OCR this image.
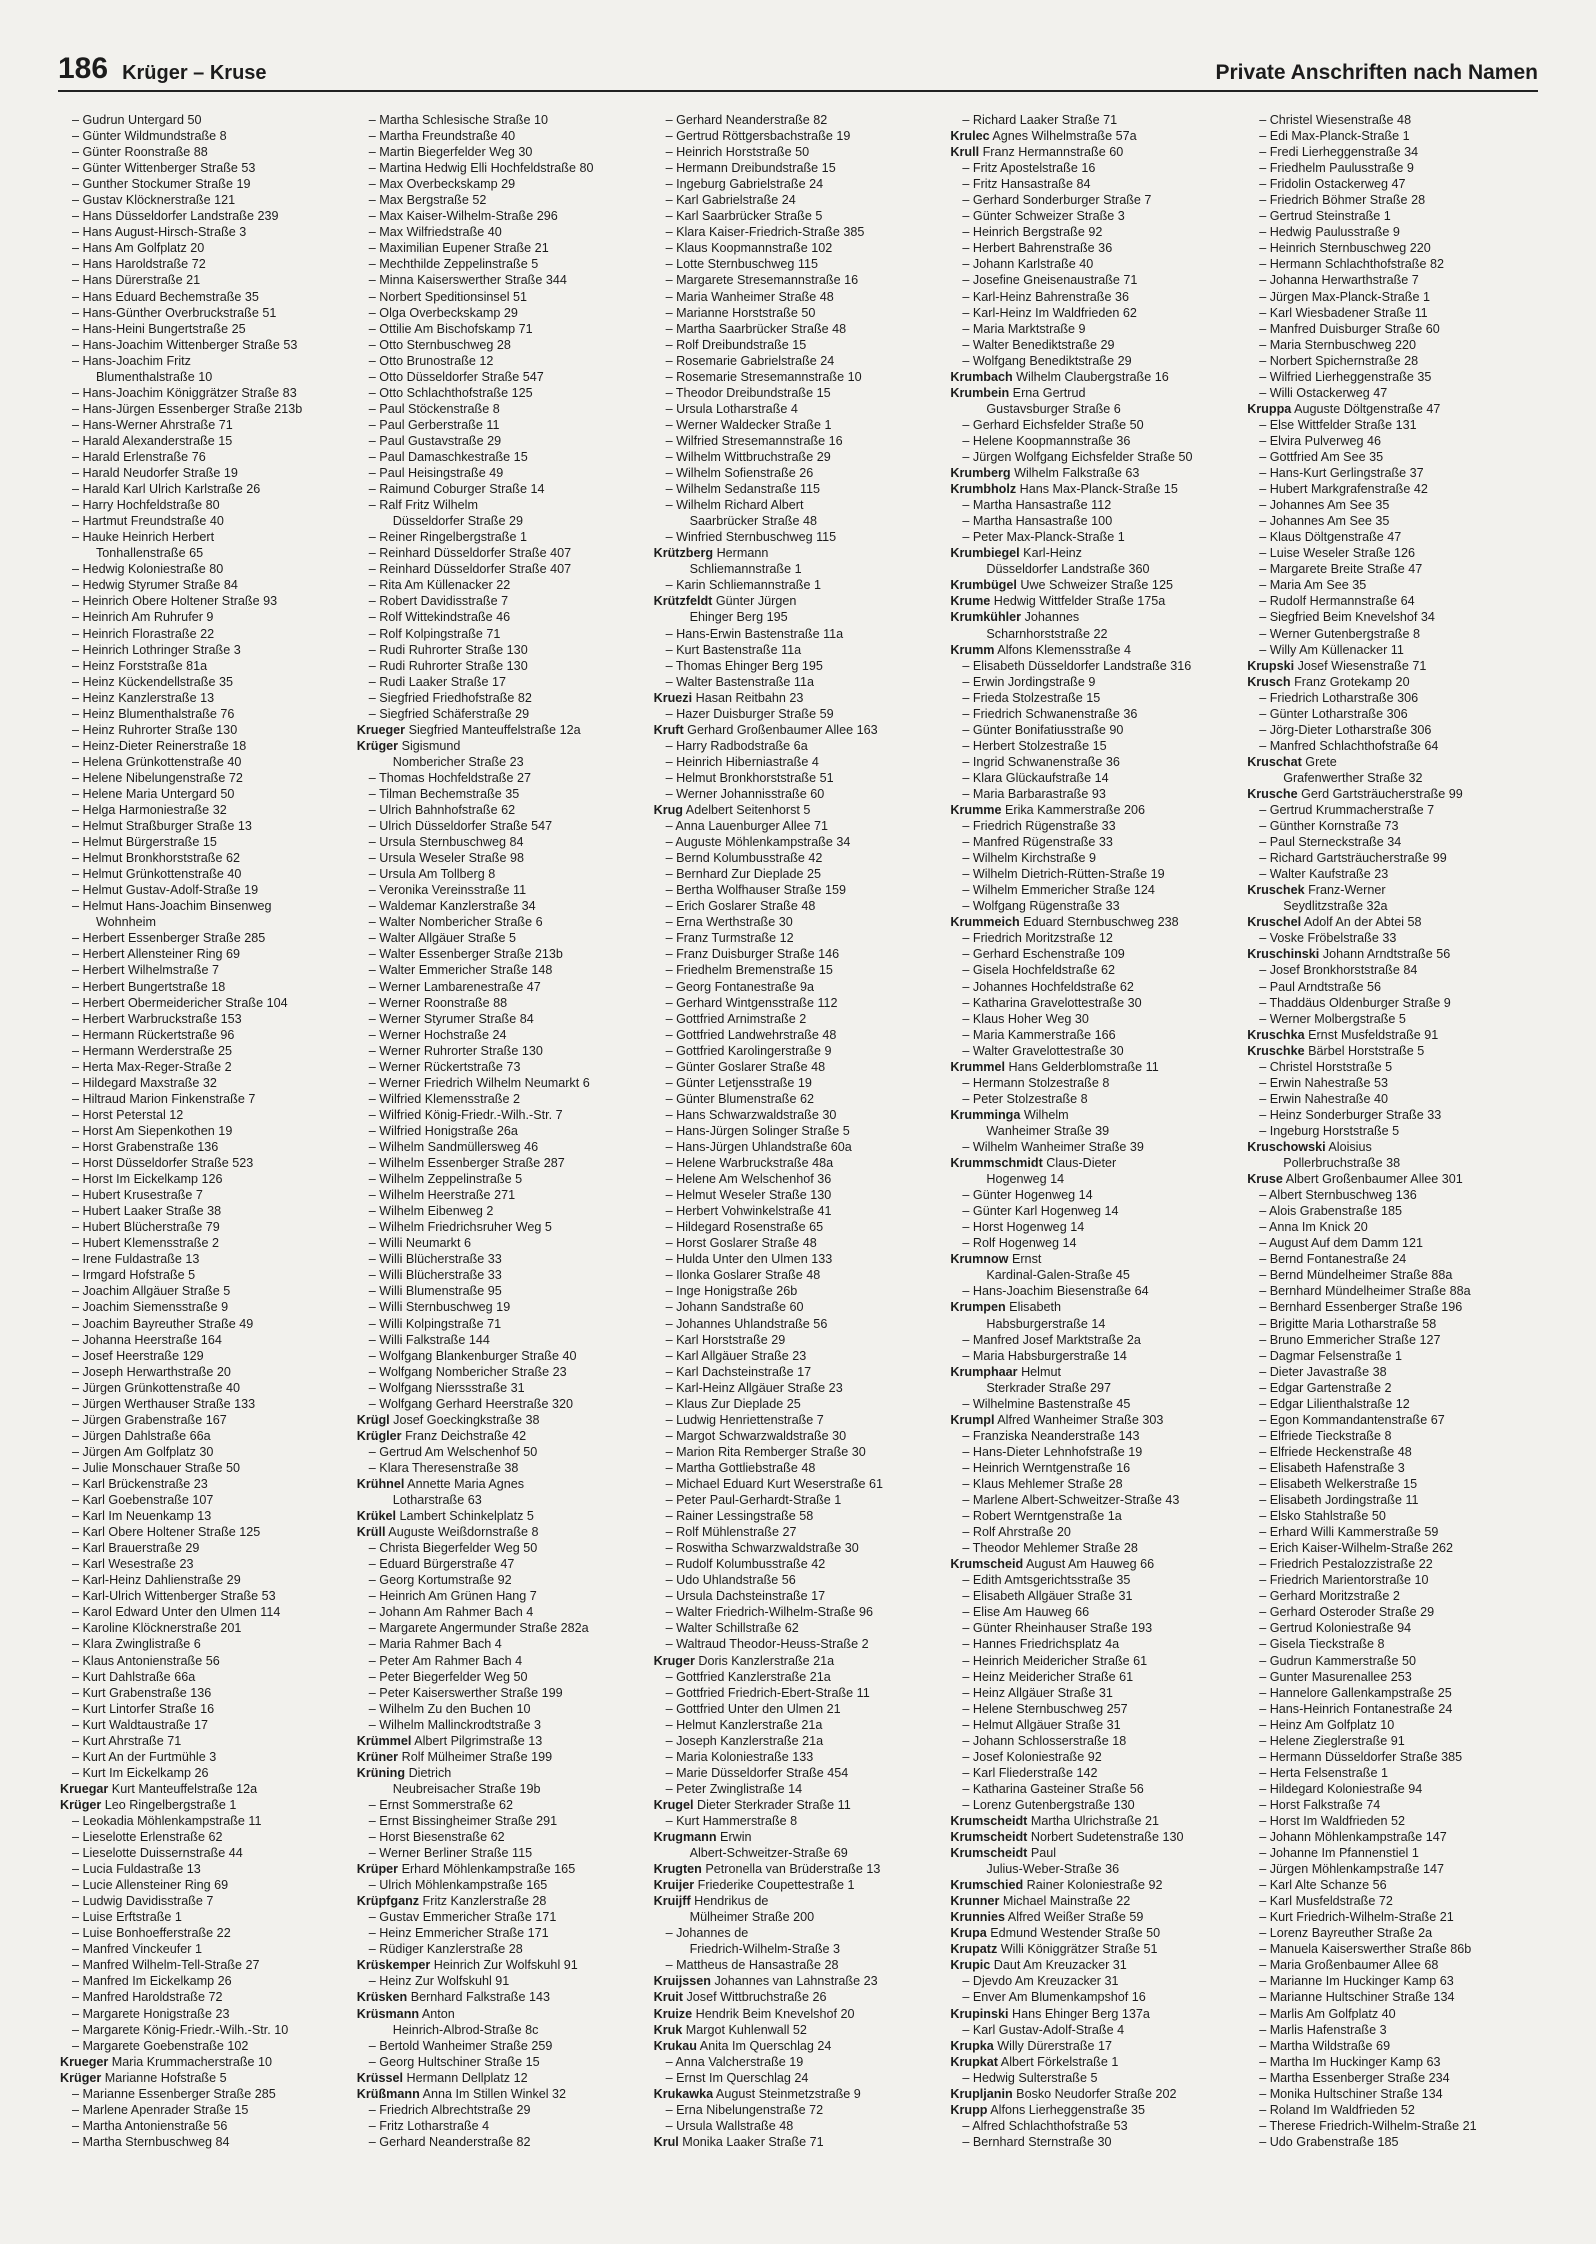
186 Krüger – Kruse	Private Anschriften nach Namen
– Gudrun Untergard 50
– Günter Wildmundstraße 8
– Günter Roonstraße 88
– Günter Wittenberger Straße 53
– Gunther Stockumer Straße 19
– Gustav Klöcknerstraße 121
– Hans Düsseldorfer Landstraße 239
– Hans August-Hirsch-Straße 3
– Hans Am Golfplatz 20
– Hans Haroldstraße 72
– Hans Dürerstraße 21
– Hans Eduard Bechemstraße 35
– Hans-Günther Overbruckstraße 51
– Hans-Heini Bungertstraße 25
– Hans-Joachim Wittenberger Straße 53
– Hans-Joachim Fritz
Blumenthalstraße 10
– Hans-Joachim Königgrätzer Straße 83
– Hans-Jürgen Essenberger Straße 213b
– Hans-Werner Ahrstraße 71
– Harald Alexanderstraße 15
– Harald Erlenstraße 76
– Harald Neudorfer Straße 19
– Harald Karl Ulrich Karlstraße 26
– Harry Hochfeldstraße 80
– Hartmut Freundstraße 40
– Hauke Heinrich Herbert
Tonhallenstraße 65
– Hedwig Koloniestraße 80
– Hedwig Styrumer Straße 84
– Heinrich Obere Holtener Straße 93
– Heinrich Am Ruhrufer 9
– Heinrich Florastraße 22
– Heinrich Lothringer Straße 3
– Heinz Forststraße 81a
– Heinz Kückendellstraße 35
– Heinz Kanzlerstraße 13
– Heinz Blumenthalstraße 76
– Heinz Ruhrorter Straße 130
– Heinz-Dieter Reinerstraße 18
– Helena Grünkottenstraße 40
– Helene Nibelungenstraße 72
– Helene Maria Untergard 50
– Helga Harmoniestraße 32
– Helmut Straßburger Straße 13
– Helmut Bürgerstraße 15
– Helmut Bronkhorststraße 62
– Helmut Grünkottenstraße 40
– Helmut Gustav-Adolf-Straße 19
– Helmut Hans-Joachim Binsenweg
Wohnheim
– Herbert Essenberger Straße 285
– Herbert Allensteiner Ring 69
– Herbert Wilhelmstraße 7
– Herbert Bungertstraße 18
– Herbert Obermeidericher Straße 104
– Herbert Warbruckstraße 153
– Hermann Rückertstraße 96
– Hermann Werderstraße 25
– Herta Max-Reger-Straße 2
– Hildegard Maxstraße 32
– Hiltraud Marion Finkenstraße 7
– Horst Peterstal 12
– Horst Am Siepenkothen 19
– Horst Grabenstraße 136
– Horst Düsseldorfer Straße 523
– Horst Im Eickelkamp 126
– Hubert Krusestraße 7
– Hubert Laaker Straße 38
– Hubert Blücherstraße 79
– Hubert Klemensstraße 2
– Irene Fuldastraße 13
– Irmgard Hofstraße 5
– Joachim Allgäuer Straße 5
– Joachim Siemensstraße 9
– Joachim Bayreuther Straße 49
– Johanna Heerstraße 164
– Josef Heerstraße 129
– Joseph Herwarthstraße 20
– Jürgen Grünkottenstraße 40
– Jürgen Werthauser Straße 133
– Jürgen Grabenstraße 167
– Jürgen Dahlstraße 66a
– Jürgen Am Golfplatz 30
– Julie Monschauer Straße 50
– Karl Brückenstraße 23
– Karl Goebenstraße 107
– Karl Im Neuenkamp 13
– Karl Obere Holtener Straße 125
– Karl Brauerstraße 29
– Karl Wesestraße 23
– Karl-Heinz Dahlienstraße 29
– Karl-Ulrich Wittenberger Straße 53
– Karol Edward Unter den Ulmen 114
– Karoline Klöcknerstraße 201
– Klara Zwinglistraße 6
– Klaus Antonienstraße 56
– Kurt Dahlstraße 66a
– Kurt Grabenstraße 136
– Kurt Lintorfer Straße 16
– Kurt Waldtaustraße 17
– Kurt Ahrstraße 71
– Kurt An der Furtmühle 3
– Kurt Im Eickelkamp 26
Kruegar Kurt Manteuffelstraße 12a
Krüger Leo Ringelbergstraße 1
– Leokadia Möhlenkampstraße 11
– Lieselotte Erlenstraße 62
– Lieselotte Duissernstraße 44
– Lucia Fuldastraße 13
– Lucie Allensteiner Ring 69
– Ludwig Davidisstraße 7
– Luise Erftstraße 1
– Luise Bonhoefferstraße 22
– Manfred Vinckeufer 1
– Manfred Wilhelm-Tell-Straße 27
– Manfred Im Eickelkamp 26
– Manfred Haroldstraße 72
– Margarete Honigstraße 23
– Margarete König-Friedr.-Wilh.-Str. 10
– Margarete Goebenstraße 102
Krueger Maria Krummacherstraße 10
Krüger Marianne Hofstraße 5
– Marianne Essenberger Straße 285
– Marlene Apenrader Straße 15
– Martha Antonienstraße 56
– Martha Sternbuschweg 84
– Martha Schlesische Straße 10
– Martha Freundstraße 40
– Martin Biegerfelder Weg 30
– Martina Hedwig Elli Hochfeldstraße 80
– Max Overbeckskamp 29
– Max Bergstraße 52
– Max Kaiser-Wilhelm-Straße 296
– Max Wilfriedstraße 40
– Maximilian Eupener Straße 21
– Mechthilde Zeppelinstraße 5
– Minna Kaiserswerther Straße 344
– Norbert Speditionsinsel 51
– Olga Overbeckskamp 29
– Ottilie Am Bischofskamp 71
– Otto Sternbuschweg 28
– Otto Brunostraße 12
– Otto Düsseldorfer Straße 547
– Otto Schlachthofstraße 125
– Paul Stöckenstraße 8
– Paul Gerberstraße 11
– Paul Gustavstraße 29
– Paul Damaschkestraße 15
– Paul Heisingstraße 49
– Raimund Coburger Straße 14
– Ralf Fritz Wilhelm
Düsseldorfer Straße 29
– Reiner Ringelbergstraße 1
– Reinhard Düsseldorfer Straße 407
– Reinhard Düsseldorfer Straße 407
– Rita Am Küllenacker 22
– Robert Davidisstraße 7
– Rolf Wittekindstraße 46
– Rolf Kolpingstraße 71
– Rudi Ruhrorter Straße 130
– Rudi Ruhrorter Straße 130
– Rudi Laaker Straße 17
– Siegfried Friedhofstraße 82
– Siegfried Schäferstraße 29
Krueger Siegfried Manteuffelstraße 12a
Krüger Sigismund
Nombericher Straße 23
– Thomas Hochfeldstraße 27
– Tilman Bechemstraße 35
– Ulrich Bahnhofstraße 62
– Ulrich Düsseldorfer Straße 547
– Ursula Sternbuschweg 84
– Ursula Weseler Straße 98
– Ursula Am Tollberg 8
– Veronika Vereinsstraße 11
– Waldemar Kanzlerstraße 34
– Walter Nombericher Straße 6
– Walter Allgäuer Straße 5
– Walter Essenberger Straße 213b
– Walter Emmericher Straße 148
– Werner Lambarenestraße 47
– Werner Roonstraße 88
– Werner Styrumer Straße 84
– Werner Hochstraße 24
– Werner Ruhrorter Straße 130
– Werner Rückertstraße 73
– Werner Friedrich Wilhelm Neumarkt 6
– Wilfried Klemensstraße 2
– Wilfried König-Friedr.-Wilh.-Str. 7
– Wilfried Honigstraße 26a
– Wilhelm Sandmüllersweg 46
– Wilhelm Essenberger Straße 287
– Wilhelm Zeppelinstraße 5
– Wilhelm Heerstraße 271
– Wilhelm Eibenweg 2
– Wilhelm Friedrichsruher Weg 5
– Willi Neumarkt 6
– Willi Blücherstraße 33
– Willi Blücherstraße 33
– Willi Blumenstraße 95
– Willi Sternbuschweg 19
– Willi Kolpingstraße 71
– Willi Falkstraße 144
– Wolfgang Blankenburger Straße 40
– Wolfgang Nombericher Straße 23
– Wolfgang Nierssstraße 31
– Wolfgang Gerhard Heerstraße 320
Krügl Josef Goeckingkstraße 38
Krügler Franz Deichstraße 42
– Gertrud Am Welschenhof 50
– Klara Theresenstraße 38
Krühnel Annette Maria Agnes
Lotharstraße 63
Krükel Lambert Schinkelplatz 5
Krüll Auguste Weißdornstraße 8
– Christa Biegerfelder Weg 50
– Eduard Bürgerstraße 47
– Georg Kortumstraße 92
– Heinrich Am Grünen Hang 7
– Johann Am Rahmer Bach 4
– Margarete Angermunder Straße 282a
– Maria Rahmer Bach 4
– Peter Am Rahmer Bach 4
– Peter Biegerfelder Weg 50
– Peter Kaiserswerther Straße 199
– Wilhelm Zu den Buchen 10
– Wilhelm Mallinckrodtstraße 3
Krümmel Albert Pilgrimstraße 13
Krüner Rolf Mülheimer Straße 199
Krüning Dietrich
Neubreisacher Straße 19b
– Ernst Sommerstraße 62
– Ernst Bissingheimer Straße 291
– Horst Biesenstraße 62
– Werner Berliner Straße 115
Krüper Erhard Möhlenkampstraße 165
– Ulrich Möhlenkampstraße 165
Krüpfganz Fritz Kanzlerstraße 28
– Gustav Emmericher Straße 171
– Heinz Emmericher Straße 171
– Rüdiger Kanzlerstraße 28
Krüskemper Heinrich Zur Wolfskuhl 91
– Heinz Zur Wolfskuhl 91
Krüsken Bernhard Falkstraße 143
Krüsmann Anton
Heinrich-Albrod-Straße 8c
– Bertold Wanheimer Straße 259
– Georg Hultschiner Straße 15
Krüssel Hermann Dellplatz 12
Krüßmann Anna Im Stillen Winkel 32
– Friedrich Albrechtstraße 29
– Fritz Lotharstraße 4
– Gerhard Neanderstraße 82
– Gerhard Neanderstraße 82
– Gertrud Röttgersbachstraße 19
– Heinrich Horststraße 50
– Hermann Dreibundstraße 15
– Ingeburg Gabrielstraße 24
– Karl Gabrielstraße 24
– Karl Saarbrücker Straße 5
– Klara Kaiser-Friedrich-Straße 385
– Klaus Koopmannstraße 102
– Lotte Sternbuschweg 115
– Margarete Stresemannstraße 16
– Maria Wanheimer Straße 48
– Marianne Horststraße 50
– Martha Saarbrücker Straße 48
– Rolf Dreibundstraße 15
– Rosemarie Gabrielstraße 24
– Rosemarie Stresemannstraße 10
– Theodor Dreibundstraße 15
– Ursula Lotharstraße 4
– Werner Waldecker Straße 1
– Wilfried Stresemannstraße 16
– Wilhelm Wittbruchstraße 29
– Wilhelm Sofienstraße 26
– Wilhelm Sedanstraße 115
– Wilhelm Richard Albert
Saarbrücker Straße 48
– Winfried Sternbuschweg 115
Krützberg Hermann
Schliemannstraße 1
– Karin Schliemannstraße 1
Krützfeldt Günter Jürgen
Ehinger Berg 195
– Hans-Erwin Bastenstraße 11a
– Kurt Bastenstraße 11a
– Thomas Ehinger Berg 195
– Walter Bastenstraße 11a
Kruezi Hasan Reitbahn 23
– Hazer Duisburger Straße 59
Kruft Gerhard Großenbaumer Allee 163
– Harry Radbodstraße 6a
– Heinrich Hiberniastraße 4
– Helmut Bronkhorststraße 51
– Werner Johannisstraße 60
Krug Adelbert Seitenhorst 5
– Anna Lauenburger Allee 71
– Auguste Möhlenkampstraße 34
– Bernd Kolumbusstraße 42
– Bernhard Zur Dieplade 25
– Bertha Wolfhauser Straße 159
– Erich Goslarer Straße 48
– Erna Werthstraße 30
– Franz Turmstraße 12
– Franz Duisburger Straße 146
– Friedhelm Bremenstraße 15
– Georg Fontanestraße 9a
– Gerhard Wintgensstraße 112
– Gottfried Arnimstraße 2
– Gottfried Landwehrstraße 48
– Gottfried Karolingerstraße 9
– Günter Goslarer Straße 48
– Günter Letjensstraße 19
– Günter Blumenstraße 62
– Hans Schwarzwaldstraße 30
– Hans-Jürgen Solinger Straße 5
– Hans-Jürgen Uhlandstraße 60a
– Helene Warbruckstraße 48a
– Helene Am Welschenhof 36
– Helmut Weseler Straße 130
– Herbert Vohwinkelstraße 41
– Hildegard Rosenstraße 65
– Horst Goslarer Straße 48
– Hulda Unter den Ulmen 133
– Ilonka Goslarer Straße 48
– Inge Honigstraße 26b
– Johann Sandstraße 60
– Johannes Uhlandstraße 56
– Karl Horststraße 29
– Karl Allgäuer Straße 23
– Karl Dachsteinstraße 17
– Karl-Heinz Allgäuer Straße 23
– Klaus Zur Dieplade 25
– Ludwig Henriettenstraße 7
– Margot Schwarzwaldstraße 30
– Marion Rita Remberger Straße 30
– Martha Gottliebstraße 48
– Michael Eduard Kurt Weserstraße 61
– Peter Paul-Gerhardt-Straße 1
– Rainer Lessingstraße 58
– Rolf Mühlenstraße 27
– Roswitha Schwarzwaldstraße 30
– Rudolf Kolumbusstraße 42
– Udo Uhlandstraße 56
– Ursula Dachsteinstraße 17
– Walter Friedrich-Wilhelm-Straße 96
– Walter Schillstraße 62
– Waltraud Theodor-Heuss-Straße 2
Kruger Doris Kanzlerstraße 21a
– Gottfried Kanzlerstraße 21a
– Gottfried Friedrich-Ebert-Straße 11
– Gottfried Unter den Ulmen 21
– Helmut Kanzlerstraße 21a
– Joseph Kanzlerstraße 21a
– Maria Koloniestraße 133
– Marie Düsseldorfer Straße 454
– Peter Zwinglistraße 14
Krugel Dieter Sterkrader Straße 11
– Kurt Hammerstraße 8
Krugmann Erwin
Albert-Schweitzer-Straße 69
Krugten Petronella van Brüderstraße 13
Kruijer Friederike Coupettestraße 1
Kruijff Hendrikus de
Mülheimer Straße 200
– Johannes de
Friedrich-Wilhelm-Straße 3
– Mattheus de Hansastraße 28
Kruijssen Johannes van Lahnstraße 23
Kruit Josef Wittbruchstraße 26
Kruize Hendrik Beim Knevelshof 20
Kruk Margot Kuhlenwall 52
Krukau Anita Im Querschlag 24
– Anna Valcherstraße 19
– Ernst Im Querschlag 24
Krukawka August Steinmetzstraße 9
– Erna Nibelungenstraße 72
– Ursula Wallstraße 48
Krul Monika Laaker Straße 71
– Richard Laaker Straße 71
Krulec Agnes Wilhelmstraße 57a
Krull Franz Hermannstraße 60
– Fritz Apostelstraße 16
– Fritz Hansastraße 84
– Gerhard Sonderburger Straße 7
– Günter Schweizer Straße 3
– Heinrich Bergstraße 92
– Herbert Bahrenstraße 36
– Johann Karlstraße 40
– Josefine Gneisenaustraße 71
– Karl-Heinz Bahrenstraße 36
– Karl-Heinz Im Waldfrieden 62
– Maria Marktstraße 9
– Walter Benediktstraße 29
– Wolfgang Benediktstraße 29
Krumbach Wilhelm Claubergstraße 16
Krumbein Erna Gertrud
Gustavsburger Straße 6
– Gerhard Eichsfelder Straße 50
– Helene Koopmannstraße 36
– Jürgen Wolfgang Eichsfelder Straße 50
Krumberg Wilhelm Falkstraße 63
Krumbholz Hans Max-Planck-Straße 15
– Martha Hansastraße 112
– Martha Hansastraße 100
– Peter Max-Planck-Straße 1
Krumbiegel Karl-Heinz
Düsseldorfer Landstraße 360
Krumbügel Uwe Schweizer Straße 125
Krume Hedwig Wittfelder Straße 175a
Krumkühler Johannes
Scharnhorststraße 22
Krumm Alfons Klemensstraße 4
– Elisabeth Düsseldorfer Landstraße 316
– Erwin Jordingstraße 9
– Frieda Stolzestraße 15
– Friedrich Schwanenstraße 36
– Günter Bonifatiusstraße 90
– Herbert Stolzestraße 15
– Ingrid Schwanenstraße 36
– Klara Glückaufstraße 14
– Maria Barbarastraße 93
Krumme Erika Kammerstraße 206
– Friedrich Rügenstraße 33
– Manfred Rügenstraße 33
– Wilhelm Kirchstraße 9
– Wilhelm Dietrich-Rütten-Straße 19
– Wilhelm Emmericher Straße 124
– Wolfgang Rügenstraße 33
Krummeich Eduard Sternbuschweg 238
– Friedrich Moritzstraße 12
– Gerhard Eschenstraße 109
– Gisela Hochfeldstraße 62
– Johannes Hochfeldstraße 62
– Katharina Gravelottestraße 30
– Klaus Hoher Weg 30
– Maria Kammerstraße 166
– Walter Gravelottestraße 30
Krummel Hans Gelderblomstraße 11
– Hermann Stolzestraße 8
– Peter Stolzestraße 8
Krumminga Wilhelm
Wanheimer Straße 39
– Wilhelm Wanheimer Straße 39
Krummschmidt Claus-Dieter
Hogenweg 14
– Günter Hogenweg 14
– Günter Karl Hogenweg 14
– Horst Hogenweg 14
– Rolf Hogenweg 14
Krumnow Ernst
Kardinal-Galen-Straße 45
– Hans-Joachim Biesenstraße 64
Krumpen Elisabeth
Habsburgerstraße 14
– Manfred Josef Marktstraße 2a
– Maria Habsburgerstraße 14
Krumphaar Helmut
Sterkrader Straße 297
– Wilhelmine Bastenstraße 45
Krumpl Alfred Wanheimer Straße 303
– Franziska Neanderstraße 143
– Hans-Dieter Lehnhofstraße 19
– Heinrich Werntgenstraße 16
– Klaus Mehlemer Straße 28
– Marlene Albert-Schweitzer-Straße 43
– Robert Werntgenstraße 1a
– Rolf Ahrstraße 20
– Theodor Mehlemer Straße 28
Krumscheid August Am Hauweg 66
– Edith Amtsgerichtsstraße 35
– Elisabeth Allgäuer Straße 31
– Elise Am Hauweg 66
– Günter Rheinhauser Straße 193
– Hannes Friedrichsplatz 4a
– Heinrich Meidericher Straße 61
– Heinz Meidericher Straße 61
– Heinz Allgäuer Straße 31
– Helene Sternbuschweg 257
– Helmut Allgäuer Straße 31
– Johann Schlosserstraße 18
– Josef Koloniestraße 92
– Karl Fliederstraße 142
– Katharina Gasteiner Straße 56
– Lorenz Gutenbergstraße 130
Krumscheidt Martha Ulrichstraße 21
Krumscheidt Norbert Sudetenstraße 130
Krumscheidt Paul
Julius-Weber-Straße 36
Krumschied Rainer Koloniestraße 92
Krunner Michael Mainstraße 22
Krunnies Alfred Weißer Straße 59
Krupa Edmund Westender Straße 50
Krupatz Willi Königgrätzer Straße 51
Krupic Daut Am Kreuzacker 31
– Djevdo Am Kreuzacker 31
– Enver Am Blumenkampshof 16
Krupinski Hans Ehinger Berg 137a
– Karl Gustav-Adolf-Straße 4
Krupka Willy Dürerstraße 17
Krupkat Albert Förkelstraße 1
– Hedwig Sulterstraße 5
Krupljanin Bosko Neudorfer Straße 202
Krupp Alfons Lierheggenstraße 35
– Alfred Schlachthofstraße 53
– Bernhard Sternstraße 30
– Christel Wiesenstraße 48
– Edi Max-Planck-Straße 1
– Fredi Lierheggenstraße 34
– Friedhelm Paulusstraße 9
– Fridolin Ostackerweg 47
– Friedrich Böhmer Straße 28
– Gertrud Steinstraße 1
– Hedwig Paulusstraße 9
– Heinrich Sternbuschweg 220
– Hermann Schlachthofstraße 82
– Johanna Herwarthstraße 7
– Jürgen Max-Planck-Straße 1
– Karl Wiesbadener Straße 11
– Manfred Duisburger Straße 60
– Maria Sternbuschweg 220
– Norbert Spichernstraße 28
– Wilfried Lierheggenstraße 35
– Willi Ostackerweg 47
Kruppa Auguste Döltgenstraße 47
– Else Wittfelder Straße 131
– Elvira Pulverweg 46
– Gottfried Am See 35
– Hans-Kurt Gerlingstraße 37
– Hubert Markgrafenstraße 42
– Johannes Am See 35
– Johannes Am See 35
– Klaus Döltgenstraße 47
– Luise Weseler Straße 126
– Margarete Breite Straße 47
– Maria Am See 35
– Rudolf Hermannstraße 64
– Siegfried Beim Knevelshof 34
– Werner Gutenbergstraße 8
– Willy Am Küllenacker 11
Krupski Josef Wiesenstraße 71
Krusch Franz Grotekamp 20
– Friedrich Lotharstraße 306
– Günter Lotharstraße 306
– Jörg-Dieter Lotharstraße 306
– Manfred Schlachthofstraße 64
Kruschat Grete
Grafenwerther Straße 32
Krusche Gerd Gartsträucherstraße 99
– Gertrud Krummacherstraße 7
– Günther Kornstraße 73
– Paul Sterneckstraße 34
– Richard Gartsträucherstraße 99
– Walter Kaufstraße 23
Kruschek Franz-Werner
Seydlitzstraße 32a
Kruschel Adolf An der Abtei 58
– Voske Fröbelstraße 33
Kruschinski Johann Arndtstraße 56
– Josef Bronkhorststraße 84
– Paul Arndtstraße 56
– Thaddäus Oldenburger Straße 9
– Werner Molbergstraße 5
Kruschka Ernst Musfeldstraße 91
Kruschke Bärbel Horststraße 5
– Christel Horststraße 5
– Erwin Nahestraße 53
– Erwin Nahestraße 40
– Heinz Sonderburger Straße 33
– Ingeburg Horststraße 5
Kruschowski Aloisius
Pollerbruchstraße 38
Kruse Albert Großenbaumer Allee 301
– Albert Sternbuschweg 136
– Alois Grabenstraße 185
– Anna Im Knick 20
– August Auf dem Damm 121
– Bernd Fontanestraße 24
– Bernd Mündelheimer Straße 88a
– Bernhard Mündelheimer Straße 88a
– Bernhard Essenberger Straße 196
– Brigitte Maria Lotharstraße 58
– Bruno Emmericher Straße 127
– Dagmar Felsenstraße 1
– Dieter Javastraße 38
– Edgar Gartenstraße 2
– Edgar Lilienthalstraße 12
– Egon Kommandantenstraße 67
– Elfriede Tieckstraße 8
– Elfriede Heckenstraße 48
– Elisabeth Hafenstraße 3
– Elisabeth Welkerstraße 15
– Elisabeth Jordingstraße 11
– Elsko Stahlstraße 50
– Erhard Willi Kammerstraße 59
– Erich Kaiser-Wilhelm-Straße 262
– Friedrich Pestalozzistraße 22
– Friedrich Marientorstraße 10
– Gerhard Moritzstraße 2
– Gerhard Osteroder Straße 29
– Gertrud Koloniestraße 94
– Gisela Tieckstraße 8
– Gudrun Kammerstraße 50
– Gunter Masurenallee 253
– Hannelore Gallenkampstraße 25
– Hans-Heinrich Fontanestraße 24
– Heinz Am Golfplatz 10
– Helene Zieglerstraße 91
– Hermann Düsseldorfer Straße 385
– Herta Felsenstraße 1
– Hildegard Koloniestraße 94
– Horst Falkstraße 74
– Horst Im Waldfrieden 52
– Johann Möhlenkampstraße 147
– Johanne Im Pfannenstiel 1
– Jürgen Möhlenkampstraße 147
– Karl Alte Schanze 56
– Karl Musfeldstraße 72
– Kurt Friedrich-Wilhelm-Straße 21
– Lorenz Bayreuther Straße 2a
– Manuela Kaiserswerther Straße 86b
– Maria Großenbaumer Allee 68
– Marianne Im Huckinger Kamp 63
– Marianne Hultschiner Straße 134
– Marlis Am Golfplatz 40
– Marlis Hafenstraße 3
– Martha Wildstraße 69
– Martha Im Huckinger Kamp 63
– Martha Essenberger Straße 234
– Monika Hultschiner Straße 134
– Roland Im Waldfrieden 52
– Therese Friedrich-Wilhelm-Straße 21
– Udo Grabenstraße 185
